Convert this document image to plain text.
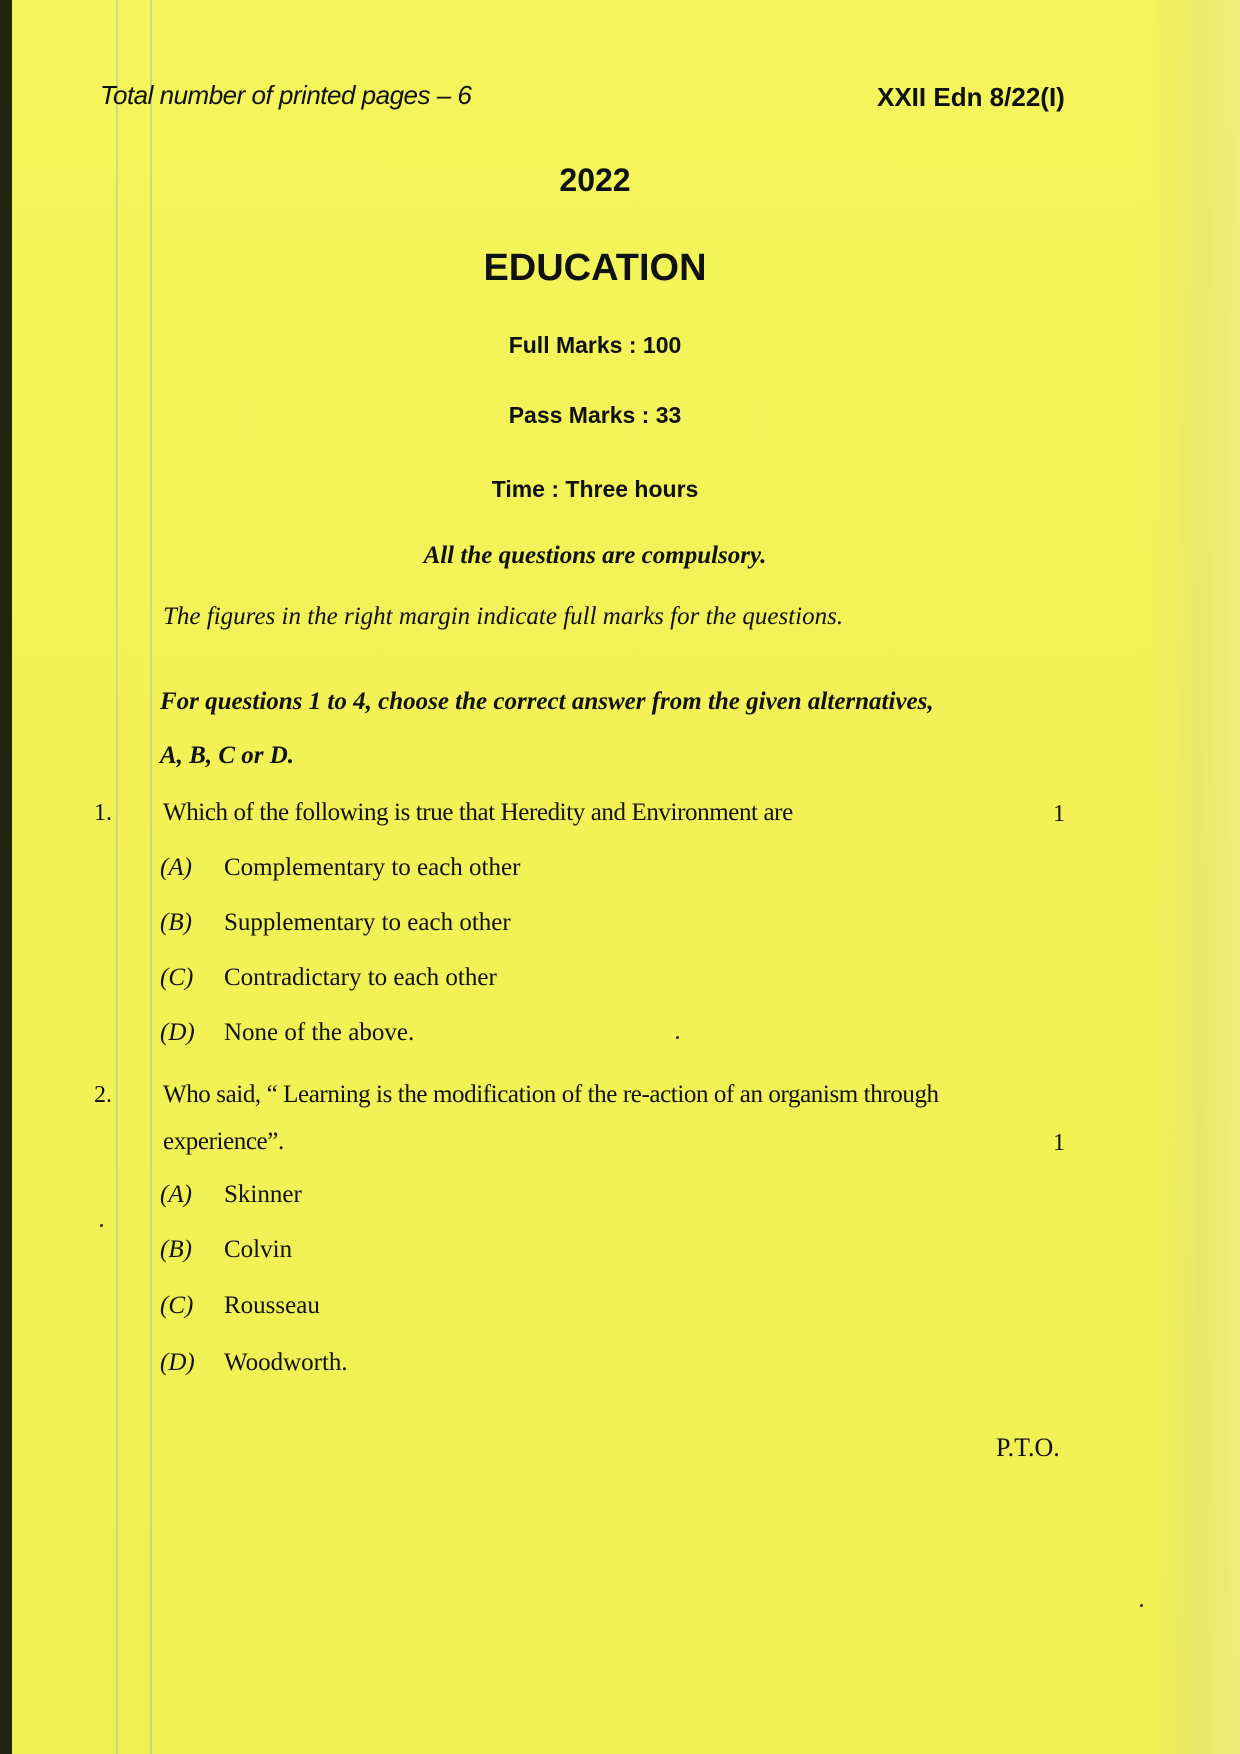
Total number of printed pages – 6	XXII Edn 8/22(I)
2022
EDUCATION
Full Marks : 100
Pass Marks : 33
Time : Three hours
All the questions are compulsory.
The figures in the right margin indicate full marks for the questions.
For questions 1 to 4, choose the correct answer from the given alternatives,
A, B, C or D.
1. Which of the following is true that Heredity and Environment are	1
(A) Complementary to each other
(B) Supplementary to each other
(C) Contradictary to each other
(D) None of the above.
2. Who said, “ Learning is the modification of the re-action of an organism through
experience”.	1
(A) Skinner
(B) Colvin
(C) Rousseau
(D) Woodworth.
P.T.O.
